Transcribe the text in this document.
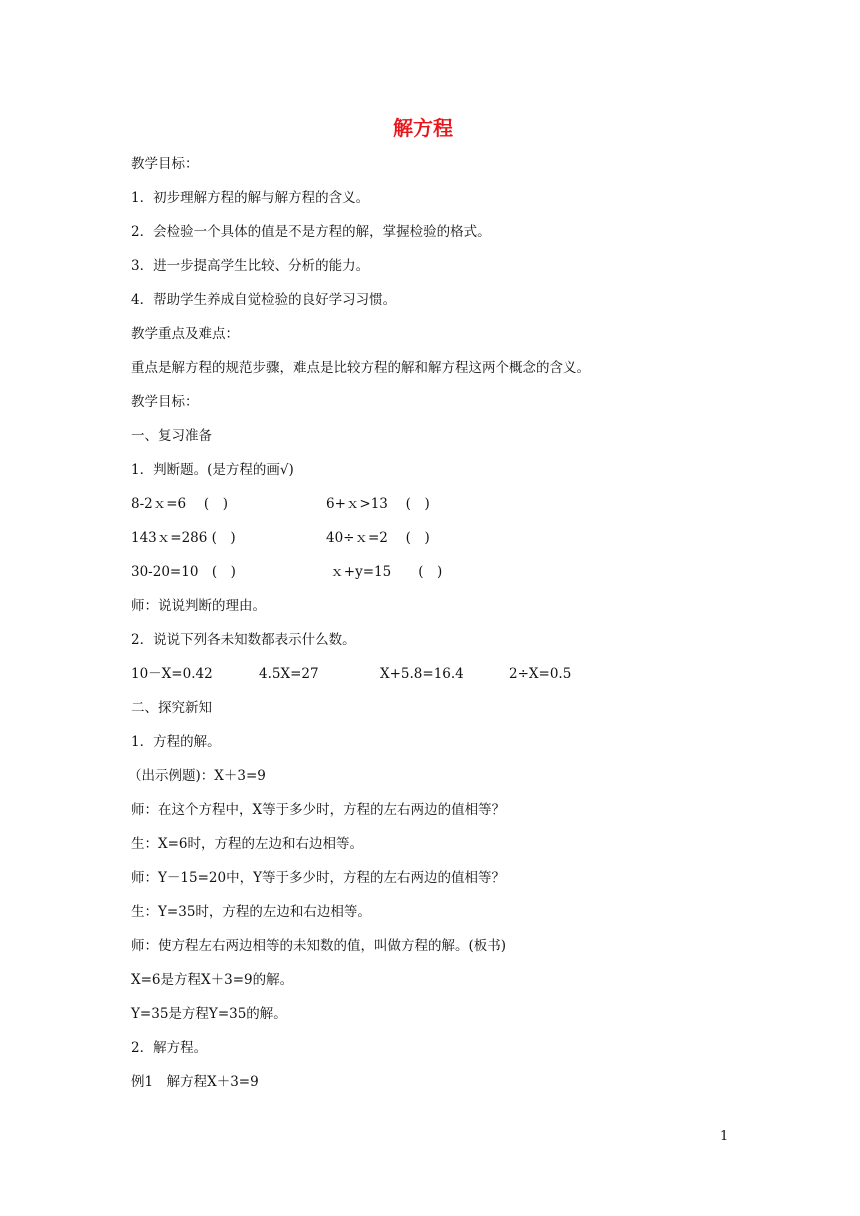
解方程
教学目标：
1．初步理解方程的解与解方程的含义。
2．会检验一个具体的值是不是方程的解，掌握检验的格式。
3．进一步提高学生比较、分析的能力。
4．帮助学生养成自觉检验的良好学习习惯。
教学重点及难点：
重点是解方程的规范步骤，难点是比较方程的解和解方程这两个概念的含义。
教学目标：
一、复习准备
1．判断题。(是方程的画√)
8-2ｘ=6　 (　)	6+ｘ>13　 (　)
143ｘ=286 (　)	40÷ｘ=2　 (　)
30-20=10　(　)	ｘ+y=15　　(　)
师：说说判断的理由。
2．说说下列各未知数都表示什么数。
10－X=0.42	4.5X=27	X+5.8=16.4	2÷X=0.5
二、探究新知
1．方程的解。
（出示例题)：X＋3=9
师：在这个方程中，X等于多少时，方程的左右两边的值相等？
生：X=6时，方程的左边和右边相等。
师：Y－15=20中，Y等于多少时，方程的左右两边的值相等？
生：Y=35时，方程的左边和右边相等。
师：使方程左右两边相等的未知数的值，叫做方程的解。(板书)
X=6是方程X＋3=9的解。
Y=35是方程Y=35的解。
2．解方程。
例1　解方程X＋3=9
1
